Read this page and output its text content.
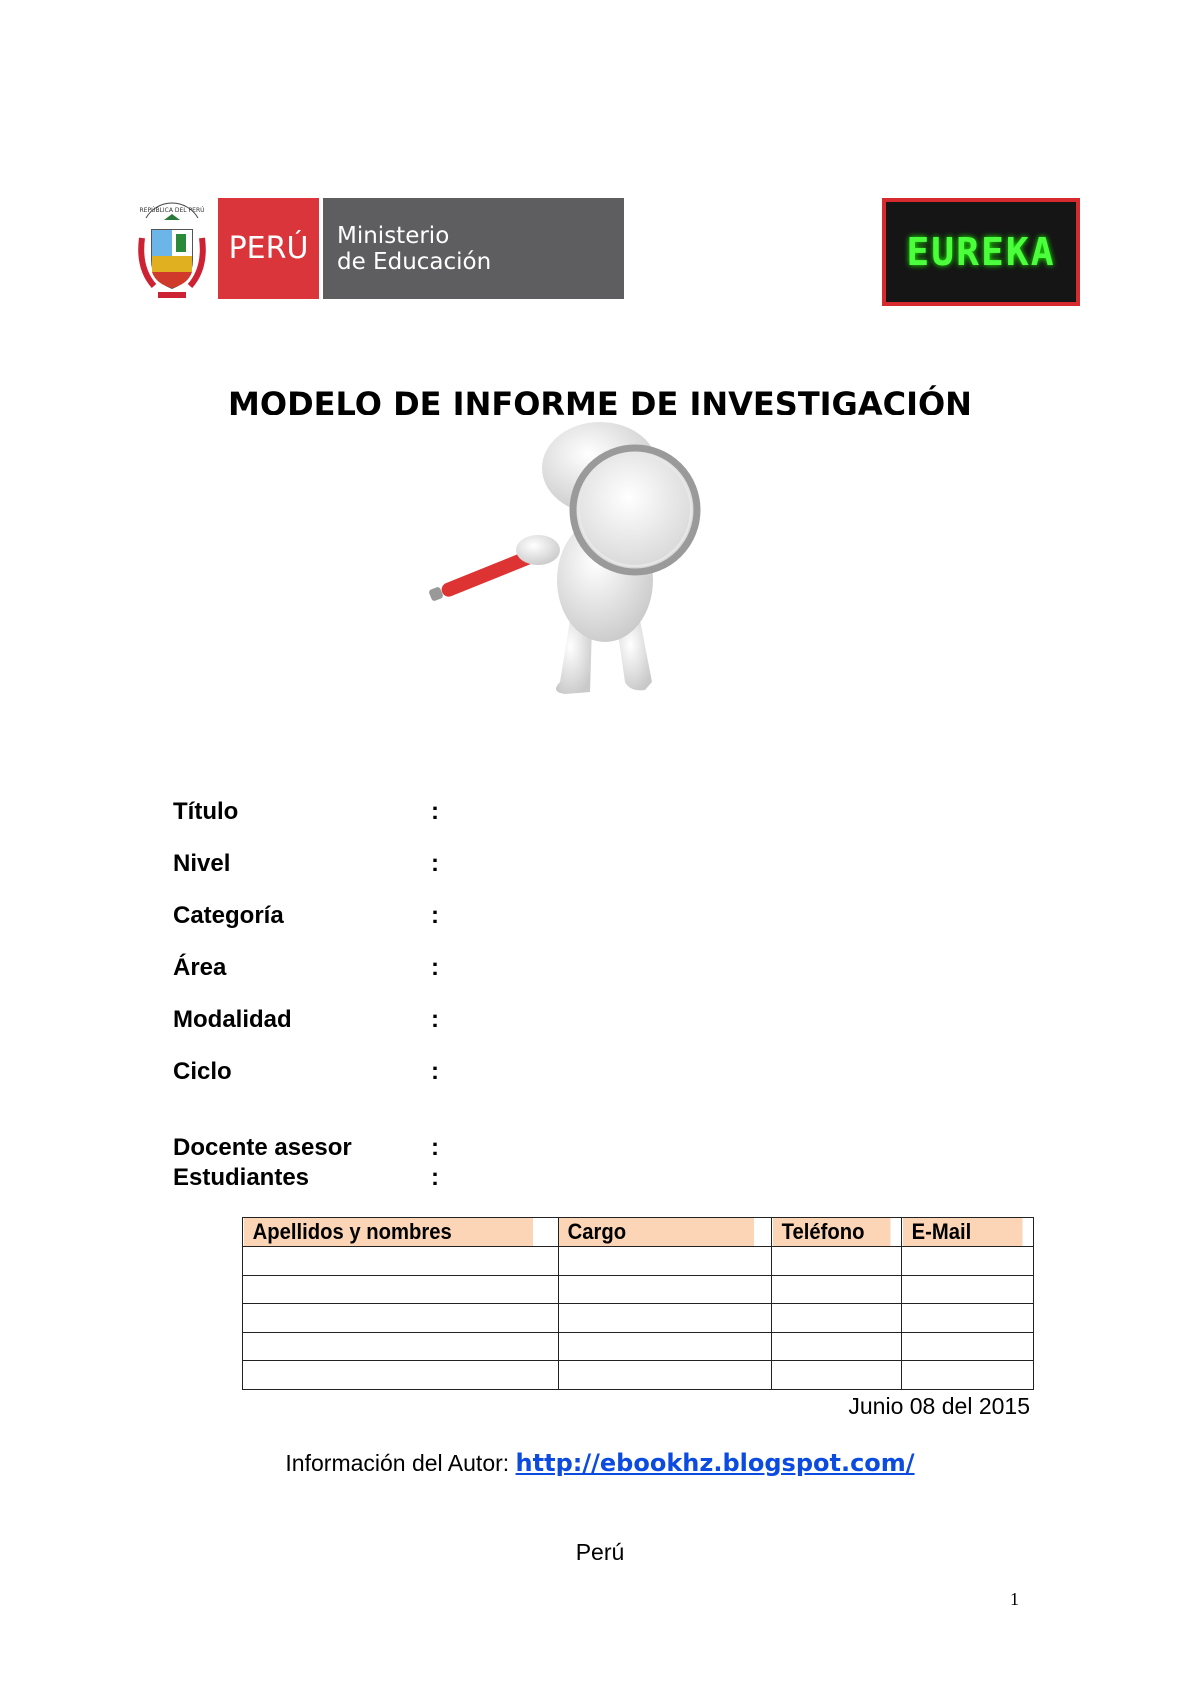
REPÚBLICA DEL PERÚ
PERÚ	Ministerio
de Educación	EUREKA
MODELO DE INFORME DE INVESTIGACIÓN
Título	:
Nivel	:
Categoría	:
Área	:
Modalidad	:
Ciclo	:
Docente asesor	:
Estudiantes	:
Apellidos y nombres	Cargo	Teléfono	E-Mail

Junio 08 del 2015
Información del Autor: http://ebookhz.blogspot.com/
Perú
1
